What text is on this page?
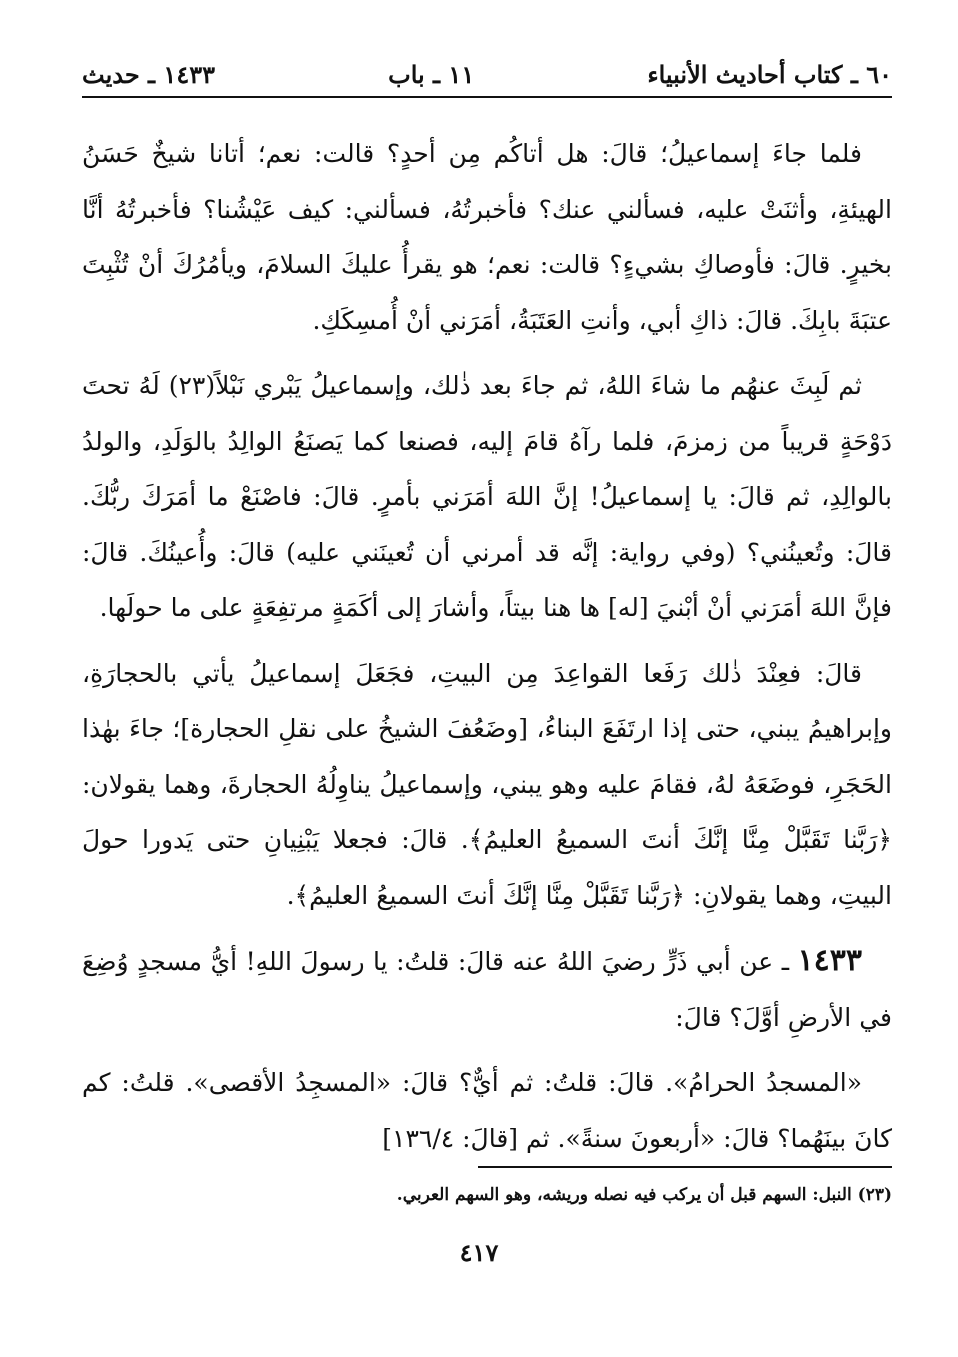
٦٠ ـ كتاب أحاديث الأنبياء
١١ ـ باب
١٤٣٣ ـ حديث

فلما جاءَ إسماعيلُ؛ قالَ: هل أتاكُم مِن أحدٍ؟ قالت: نعم؛ أتانا شيخٌ حَسَنُ الهيئةِ، وأثنَتْ عليه، فسألني عنك؟ فأخبرتُهُ، فسألني: كيف عَيْشُنا؟ فأخبرتُهُ أنَّا بخيرٍ. قالَ: فأوصاكِ بشيءٍ؟ قالت: نعم؛ هو يقرأُ عليكَ السلامَ، ويأمُرُكَ أنْ تُثْبِتَ عتبَةَ بابِكَ. قالَ: ذاكِ أبي، وأنتِ العَتَبَةُ، أمَرَني أنْ أُمسِكَكِ.

ثم لَبِثَ عنهُم ما شاءَ اللهُ، ثم جاءَ بعد ذٰلك، وإسماعيلُ يَبْري نَبْلاً(٢٣) لَهُ تحتَ دَوْحَةٍ قريباً من زمزمَ، فلما رآهُ قامَ إليه، فصنعا كما يَصنَعُ الوالِدُ بالوَلَدِ، والولدُ بالوالِدِ، ثم قالَ: يا إسماعيلُ! إنَّ اللهَ أمَرَني بأمرٍ. قالَ: فاصْنَعْ ما أمَرَكَ ربُّكَ. قالَ: وتُعينُني؟ (وفي رواية: إنَّه قد أمرني أن تُعينَني عليه) قالَ: وأُعينُكَ. قالَ: فإنَّ اللهَ أمَرَني أنْ أبْنيَ [له] ها هنا بيتاً، وأشارَ إلى أكَمَةٍ مرتفِعَةٍ على ما حولَها.

قالَ: فعِنْدَ ذٰلك رَفَعا القواعِدَ مِن البيتِ، فجَعَلَ إسماعيلُ يأتي بالحجارَةِ، وإبراهيمُ يبني، حتى إذا ارتَفَعَ البناءُ، [وضَعُفَ الشيخُ على نقلِ الحجارة]؛ جاءَ بهٰذا الحَجَرِ، فوضَعَهُ لهُ، فقامَ عليه وهو يبني، وإسماعيلُ يناوِلُهُ الحجارةَ، وهما يقولان: ﴿رَبَّنا تَقَبَّلْ مِنَّا إنَّكَ أنتَ السميعُ العليمُ﴾. قالَ: فجعلا يَبْنِيانِ حتى يَدورا حولَ البيتِ، وهما يقولانِ: ﴿رَبَّنا تَقَبَّلْ مِنَّا إنَّكَ أنتَ السميعُ العليمُ﴾.

١٤٣٣ ـ عن أبي ذَرٍّ رضيَ اللهُ عنه قالَ: قلتُ: يا رسولَ اللهِ! أيُّ مسجدٍ وُضِعَ في الأرضِ أوَّلَ؟ قالَ:

«المسجدُ الحرامُ». قالَ: قلتُ: ثم أيٌّ؟ قالَ: «المسجِدُ الأقصى». قلتُ: كم كانَ بينَهُما؟ قالَ: «أربعونَ سنةً». ثم [قالَ: ١٣٦/٤]

(٢٣) النبل: السهم قبل أن يركب فيه نصله وريشه، وهو السهم العربي.
٤١٧
